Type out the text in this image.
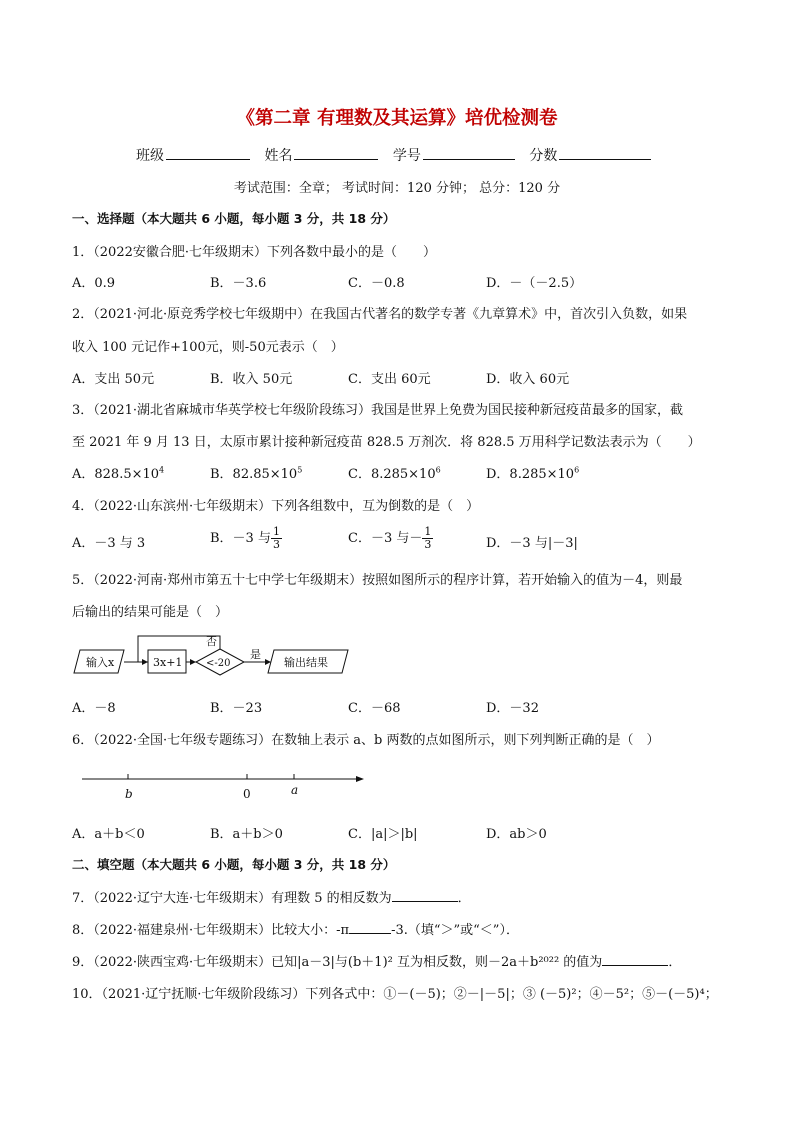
《第二章 有理数及其运算》培优检测卷
班级	姓名	学号	分数
考试范围：全章； 考试时间：120 分钟； 总分：120 分
一、选择题（本大题共 6 小题，每小题 3 分，共 18 分）
1．（2022安徽合肥·七年级期末）下列各数中最小的是（　　）
A．0.9	B．－3.6	C．－0.8	D．－（－2.5）
2．（2021·河北·原竞秀学校七年级期中）在我国古代著名的数学专著《九章算术》中，首次引入负数，如果
收入 100 元记作+100元，则-50元表示（　）
A．支出 50元	B．收入 50元	C．支出 60元	D．收入 60元
3．（2021·湖北省麻城市华英学校七年级阶段练习）我国是世界上免费为国民接种新冠疫苗最多的国家，截
至 2021 年 9 月 13 日，太原市累计接种新冠疫苗 828.5 万剂次．将 828.5 万用科学记数法表示为（　　）
A．$828.5\times 10^4$	B．$82.85\times 10^5$	C．$8.285\times 10^6$	D．$8.285\times 10^6$
4．（2022·山东滨州·七年级期末）下列各组数中，互为倒数的是（　）
A．－3 与 3	B．－3 与 $\frac{1}{3}$	C．－3 与－ $\frac{1}{3}$	D．－3 与|－3|
5．（2022·河南·郑州市第五十七中学七年级期末）按照如图所示的程序计算，若开始输入的值为－4，则最
后输出的结果可能是（　）
输入x	3x+1 <-20
否
是
输出结果
A．－8	B．－23	C．－68	D．－32
6．（2022·全国·七年级专题练习）在数轴上表示 a、b 两数的点如图所示，则下列判断正确的是（　）
b	0	a
A．a＋b＜0	B．a＋b＞0	C．|a|＞|b|	D．ab＞0
二、填空题（本大题共 6 小题，每小题 3 分，共 18 分）
7．（2022·辽宁大连·七年级期末）有理数 5 的相反数为	．
8．（2022·福建泉州·七年级期末）比较大小：-π	-3.（填“＞”或“＜”）．
9．（2022·陕西宝鸡·七年级期末）已知|a－3|与(b＋1)² 互为相反数，则－2a＋b²⁰²² 的值为	．
10．（2021·辽宁抚顺·七年级阶段练习）下列各式中：①－(－5)；②－|－5|；③ (－5)²；④－5²；⑤－(－5)⁴；
